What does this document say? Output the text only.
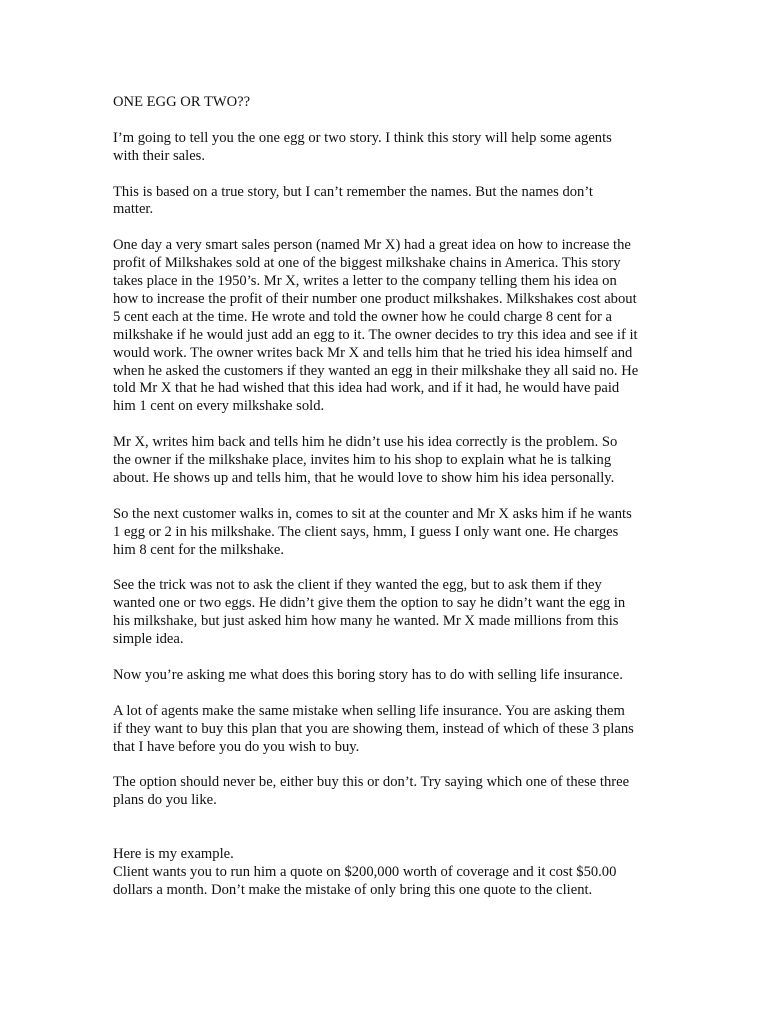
ONE EGG OR TWO??
I’m going to tell you the one egg or two story. I think this story will help some agents
with their sales.
This is based on a true story, but I can’t remember the names. But the names don’t
matter.
One day a very smart sales person (named Mr X) had a great idea on how to increase the
profit of Milkshakes sold at one of the biggest milkshake chains in America. This story
takes place in the 1950’s. Mr X, writes a letter to the company telling them his idea on
how to increase the profit of their number one product milkshakes. Milkshakes cost about
5 cent each at the time. He wrote and told the owner how he could charge 8 cent for a
milkshake if he would just add an egg to it. The owner decides to try this idea and see if it
would work. The owner writes back Mr X and tells him that he tried his idea himself and
when he asked the customers if they wanted an egg in their milkshake they all said no. He
told Mr X that he had wished that this idea had work, and if it had, he would have paid
him 1 cent on every milkshake sold.
Mr X, writes him back and tells him he didn’t use his idea correctly is the problem. So
the owner if the milkshake place, invites him to his shop to explain what he is talking
about. He shows up and tells him, that he would love to show him his idea personally.
So the next customer walks in, comes to sit at the counter and Mr X asks him if he wants
1 egg or 2 in his milkshake. The client says, hmm, I guess I only want one. He charges
him 8 cent for the milkshake.
See the trick was not to ask the client if they wanted the egg, but to ask them if they
wanted one or two eggs. He didn’t give them the option to say he didn’t want the egg in
his milkshake, but just asked him how many he wanted. Mr X made millions from this
simple idea.
Now you’re asking me what does this boring story has to do with selling life insurance.
A lot of agents make the same mistake when selling life insurance. You are asking them
if they want to buy this plan that you are showing them, instead of which of these 3 plans
that I have before you do you wish to buy.
The option should never be, either buy this or don’t. Try saying which one of these three
plans do you like.
Here is my example.
Client wants you to run him a quote on $200,000 worth of coverage and it cost $50.00
dollars a month. Don’t make the mistake of only bring this one quote to the client.
